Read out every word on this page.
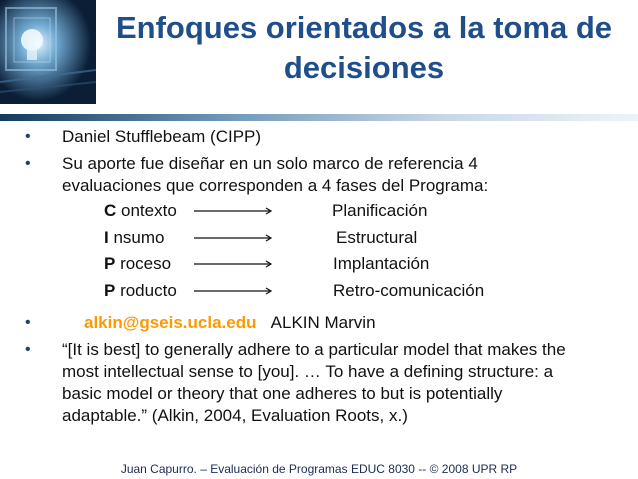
Enfoques orientados a la toma de
decisiones
• Daniel Stufflebeam (CIPP)
• Su aporte fue diseñar en un solo marco de referencia 4
evaluaciones que corresponden a 4 fases del Programa:
C ontexto	Planificación
I nsumo	Estructural
P roceso	Implantación
P roducto	Retro-comunicación
•	alkin@gseis.ucla.edu ALKIN Marvin
• “[It is best] to generally adhere to a particular model that makes the
most intellectual sense to [you]. … To have a defining structure: a
basic model or theory that one adheres to but is potentially
adaptable.” (Alkin, 2004, Evaluation Roots, x.)
Juan Capurro. – Evaluación de Programas EDUC 8030 -- © 2008 UPR RP
